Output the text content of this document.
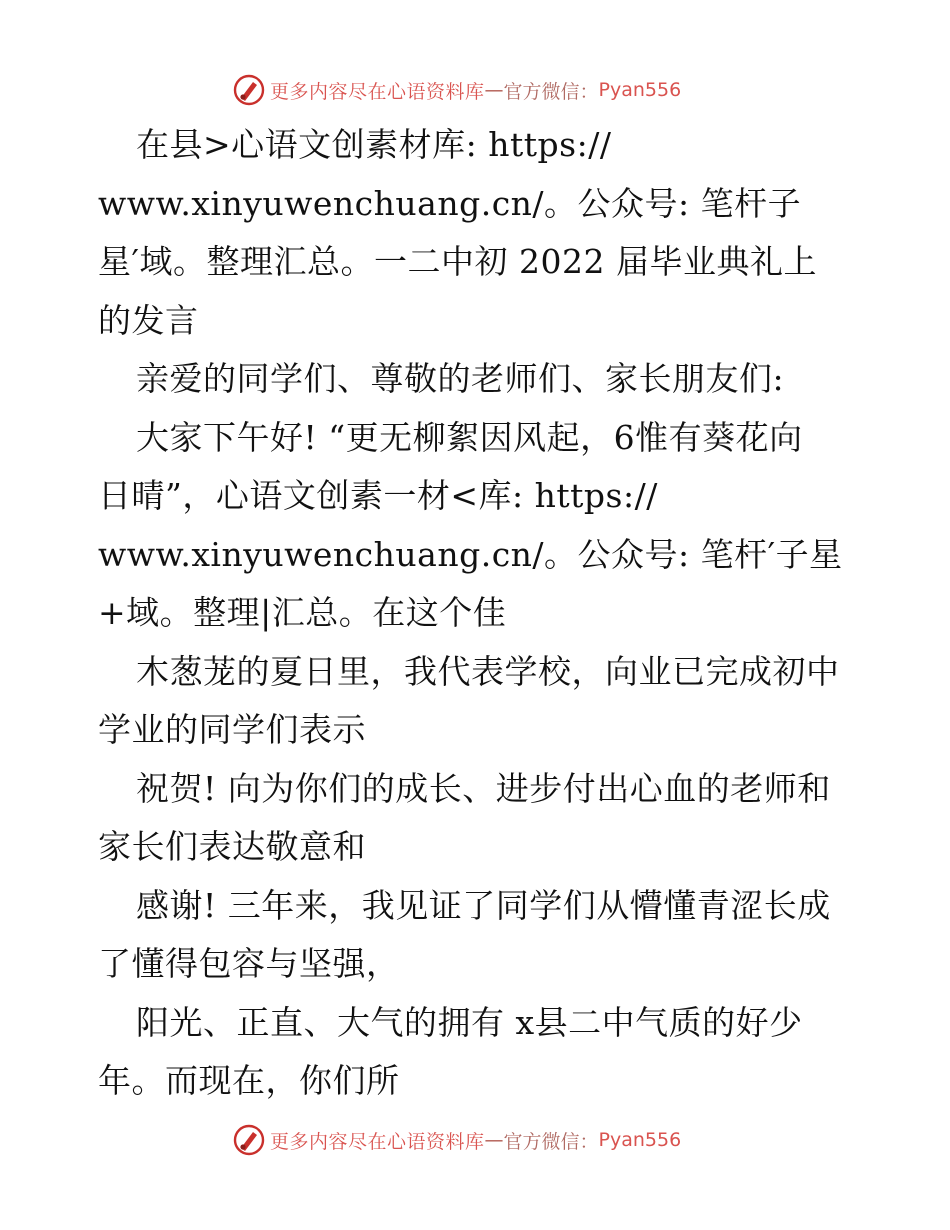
更多内容尽在心语资料库 — 官方微信： Pyan556
在县>心语文创素材库: https://
www.xinyuwenchuang.cn/。公众号: 笔杆子
星′域。整理汇总。一二中初 2022 届毕业典礼上
的发言
亲爱的同学们、尊敬的老师们、家长朋友们:
大家下午好! “更无柳絮因风起，6惟有葵花向
日晴”，心语文创素一材<库: https://
www.xinyuwenchuang.cn/。公众号: 笔杆′子星
+域。整理|汇总。在这个佳
木葱茏的夏日里，我代表学校，向业已完成初中
学业的同学们表示
祝贺! 向为你们的成长、进步付出心血的老师和
家长们表达敬意和
感谢! 三年来，我见证了同学们从懵懂青涩长成
了懂得包容与坚强，
阳光、正直、大气的拥有 x县二中气质的好少
年。而现在，你们所
更多内容尽在心语资料库 — 官方微信： Pyan556
